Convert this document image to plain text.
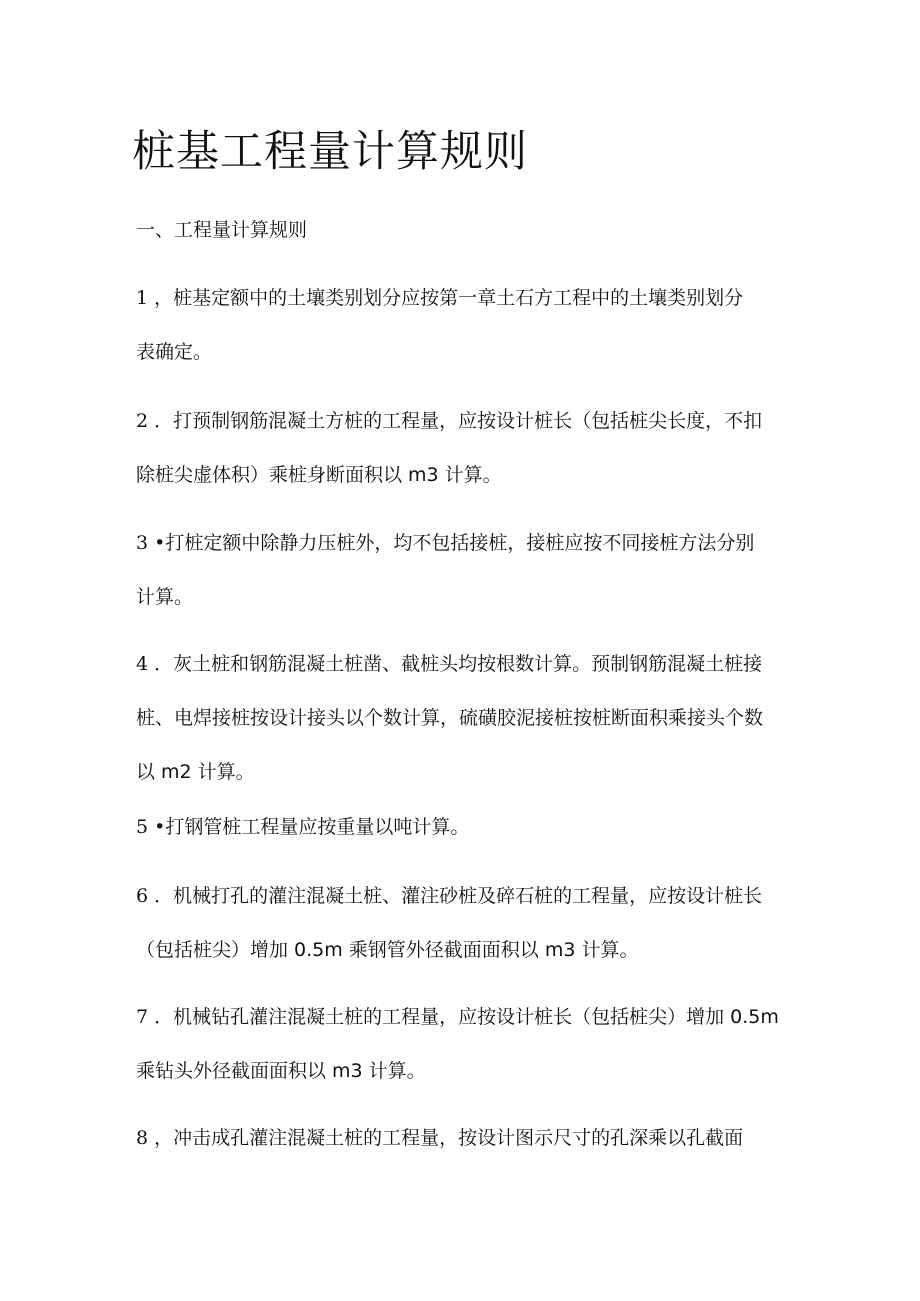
桩基工程量计算规则
一、工程量计算规则

1 ，桩基定额中的土壤类别划分应按第一章土石方工程中的土壤类别划分
表确定。

2 ．打预制钢筋混凝土方桩的工程量，应按设计桩长（包括桩尖长度，不扣
除桩尖虚体积）乘桩身断面积以 m3 计算。

3 •打桩定额中除静力压桩外，均不包括接桩，接桩应按不同接桩方法分别
计算。

4 ．灰土桩和钢筋混凝土桩凿、截桩头均按根数计算。预制钢筋混凝土桩接
桩、电焊接桩按设计接头以个数计算，硫磺胶泥接桩按桩断面积乘接头个数
以 m2 计算。

5 •打钢管桩工程量应按重量以吨计算。

6 ．机械打孔的灌注混凝土桩、灌注砂桩及碎石桩的工程量，应按设计桩长
（包括桩尖）增加 0.5m 乘钢管外径截面面积以 m3 计算。

7 ．机械钻孔灌注混凝土桩的工程量，应按设计桩长（包括桩尖）增加 0.5m
乘钻头外径截面面积以 m3 计算。

8 ，冲击成孔灌注混凝土桩的工程量，按设计图示尺寸的孔深乘以孔截面
